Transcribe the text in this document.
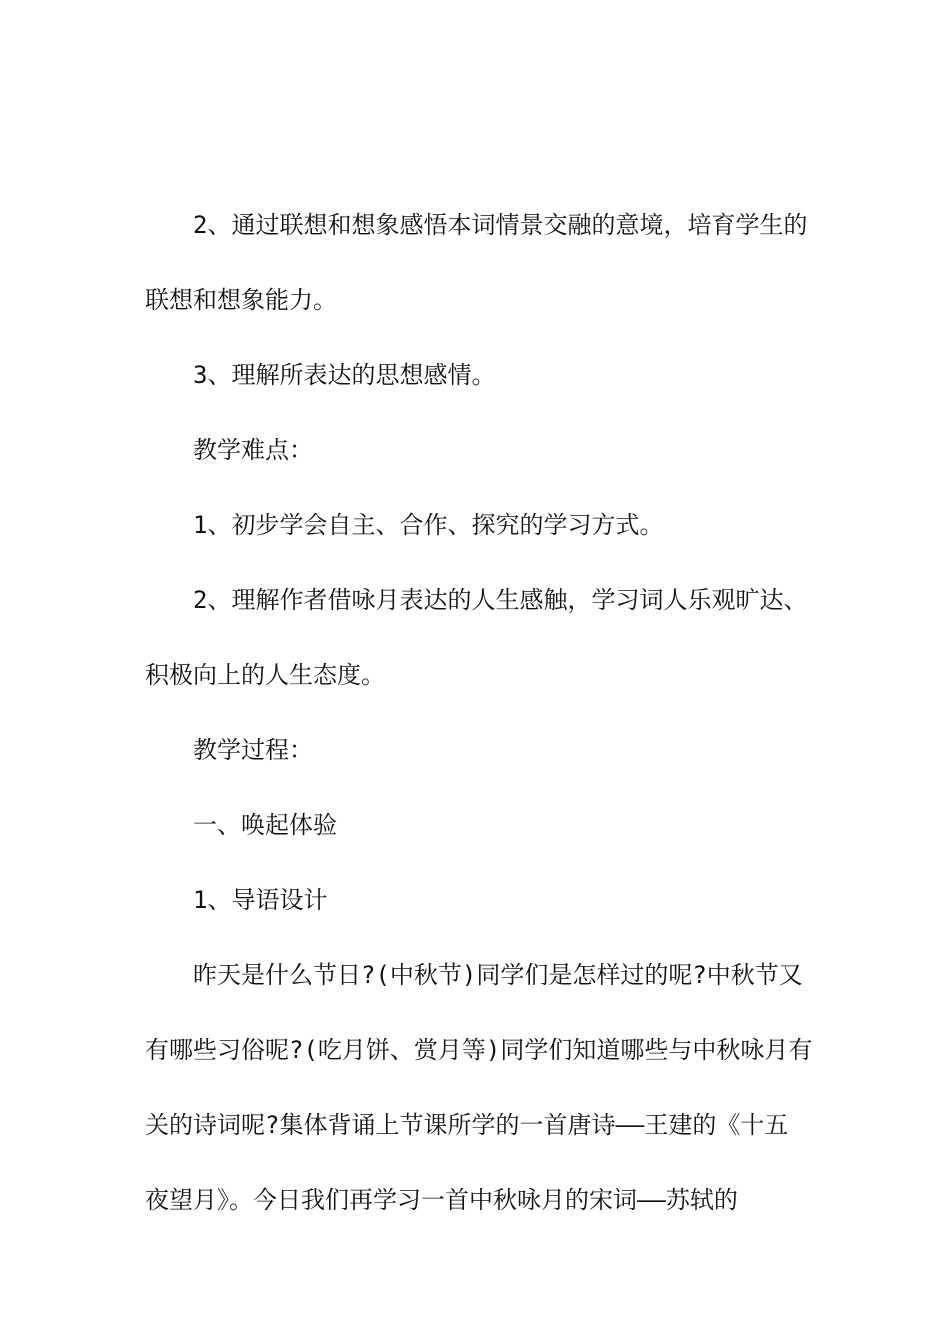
2、通过联想和想象感悟本词情景交融的意境，培育学生的
联想和想象能力。
3、理解所表达的思想感情。
教学难点：
1、初步学会自主、合作、探究的学习方式。
2、理解作者借咏月表达的人生感触，学习词人乐观旷达、
积极向上的人生态度。
教学过程：
一、唤起体验
1、导语设计
昨天是什么节日?(中秋节)同学们是怎样过的呢?中秋节又
有哪些习俗呢?(吃月饼、赏月等)同学们知道哪些与中秋咏月有
关的诗词呢?集体背诵上节课所学的一首唐诗——王建的《十五
夜望月》。今日我们再学习一首中秋咏月的宋词——苏轼的
